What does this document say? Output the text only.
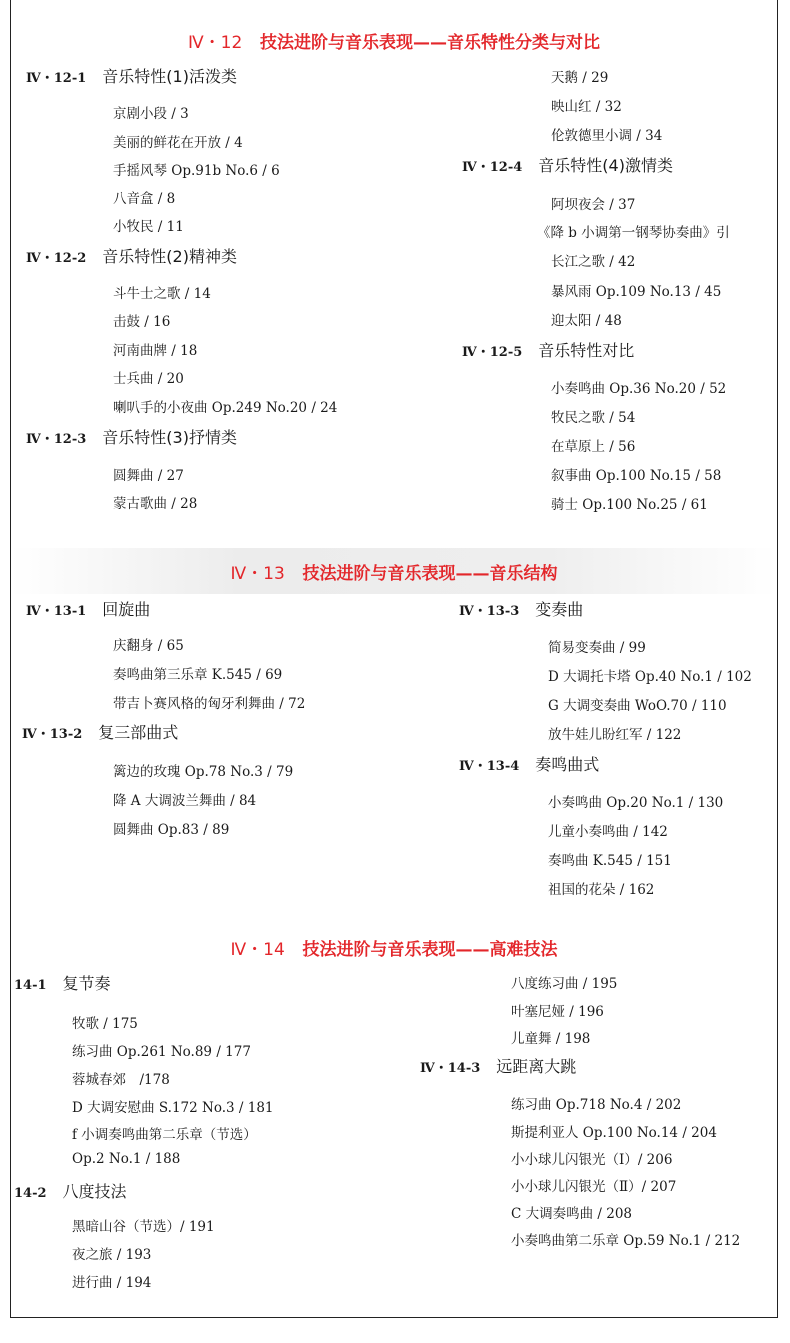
Ⅳ・12 技法进阶与音乐表现——音乐特性分类与对比
Ⅳ・12-1 音乐特性(1)活泼类
京剧小段 / 3
美丽的鲜花在开放 / 4
手摇风琴 Op.91b No.6 / 6
八音盒 / 8
小牧民 / 11
Ⅳ・12-2 音乐特性(2)精神类
斗牛士之歌 / 14
击鼓 / 16
河南曲牌 / 18
士兵曲 / 20
喇叭手的小夜曲 Op.249 No.20 / 24
Ⅳ・12-3 音乐特性(3)抒情类
圆舞曲 / 27
蒙古歌曲 / 28
天鹅 / 29
映山红 / 32
伦敦德里小调 / 34
Ⅳ・12-4 音乐特性(4)激情类
阿坝夜会 / 37
《降 b 小调第一钢琴协奏曲》引
长江之歌 / 42
暴风雨 Op.109 No.13 / 45
迎太阳 / 48
Ⅳ・12-5 音乐特性对比
小奏鸣曲 Op.36 No.20 / 52
牧民之歌 / 54
在草原上 / 56
叙事曲 Op.100 No.15 / 58
骑士 Op.100 No.25 / 61
Ⅳ・13 技法进阶与音乐表现——音乐结构
Ⅳ・13-1 回旋曲
庆翻身 / 65
奏鸣曲第三乐章 K.545 / 69
带吉卜赛风格的匈牙利舞曲 / 72
Ⅳ・13-2 复三部曲式
篱边的玫瑰 Op.78 No.3 / 79
降 A 大调波兰舞曲 / 84
圆舞曲 Op.83 / 89
Ⅳ・13-3 变奏曲
简易变奏曲 / 99
D 大调托卡塔 Op.40 No.1 / 102
G 大调变奏曲 WoO.70 / 110
放牛娃儿盼红军 / 122
Ⅳ・13-4 奏鸣曲式
小奏鸣曲 Op.20 No.1 / 130
儿童小奏鸣曲 / 142
奏鸣曲 K.545 / 151
祖国的花朵 / 162
Ⅳ・14 技法进阶与音乐表现——高难技法
14-1 复节奏
牧歌 / 175
练习曲 Op.261 No.89 / 177
蓉城春郊　/178
D 大调安慰曲 S.172 No.3 / 181
f 小调奏鸣曲第二乐章（节选）
Op.2 No.1 / 188
14-2 八度技法
黑暗山谷（节选）/ 191
夜之旅 / 193
进行曲 / 194
八度练习曲 / 195
叶塞尼娅 / 196
儿童舞 / 198
Ⅳ・14-3 远距离大跳
练习曲 Op.718 No.4 / 202
斯提利亚人 Op.100 No.14 / 204
小小球儿闪银光（Ⅰ）/ 206
小小球儿闪银光（Ⅱ）/ 207
C 大调奏鸣曲 / 208
小奏鸣曲第二乐章 Op.59 No.1 / 212
